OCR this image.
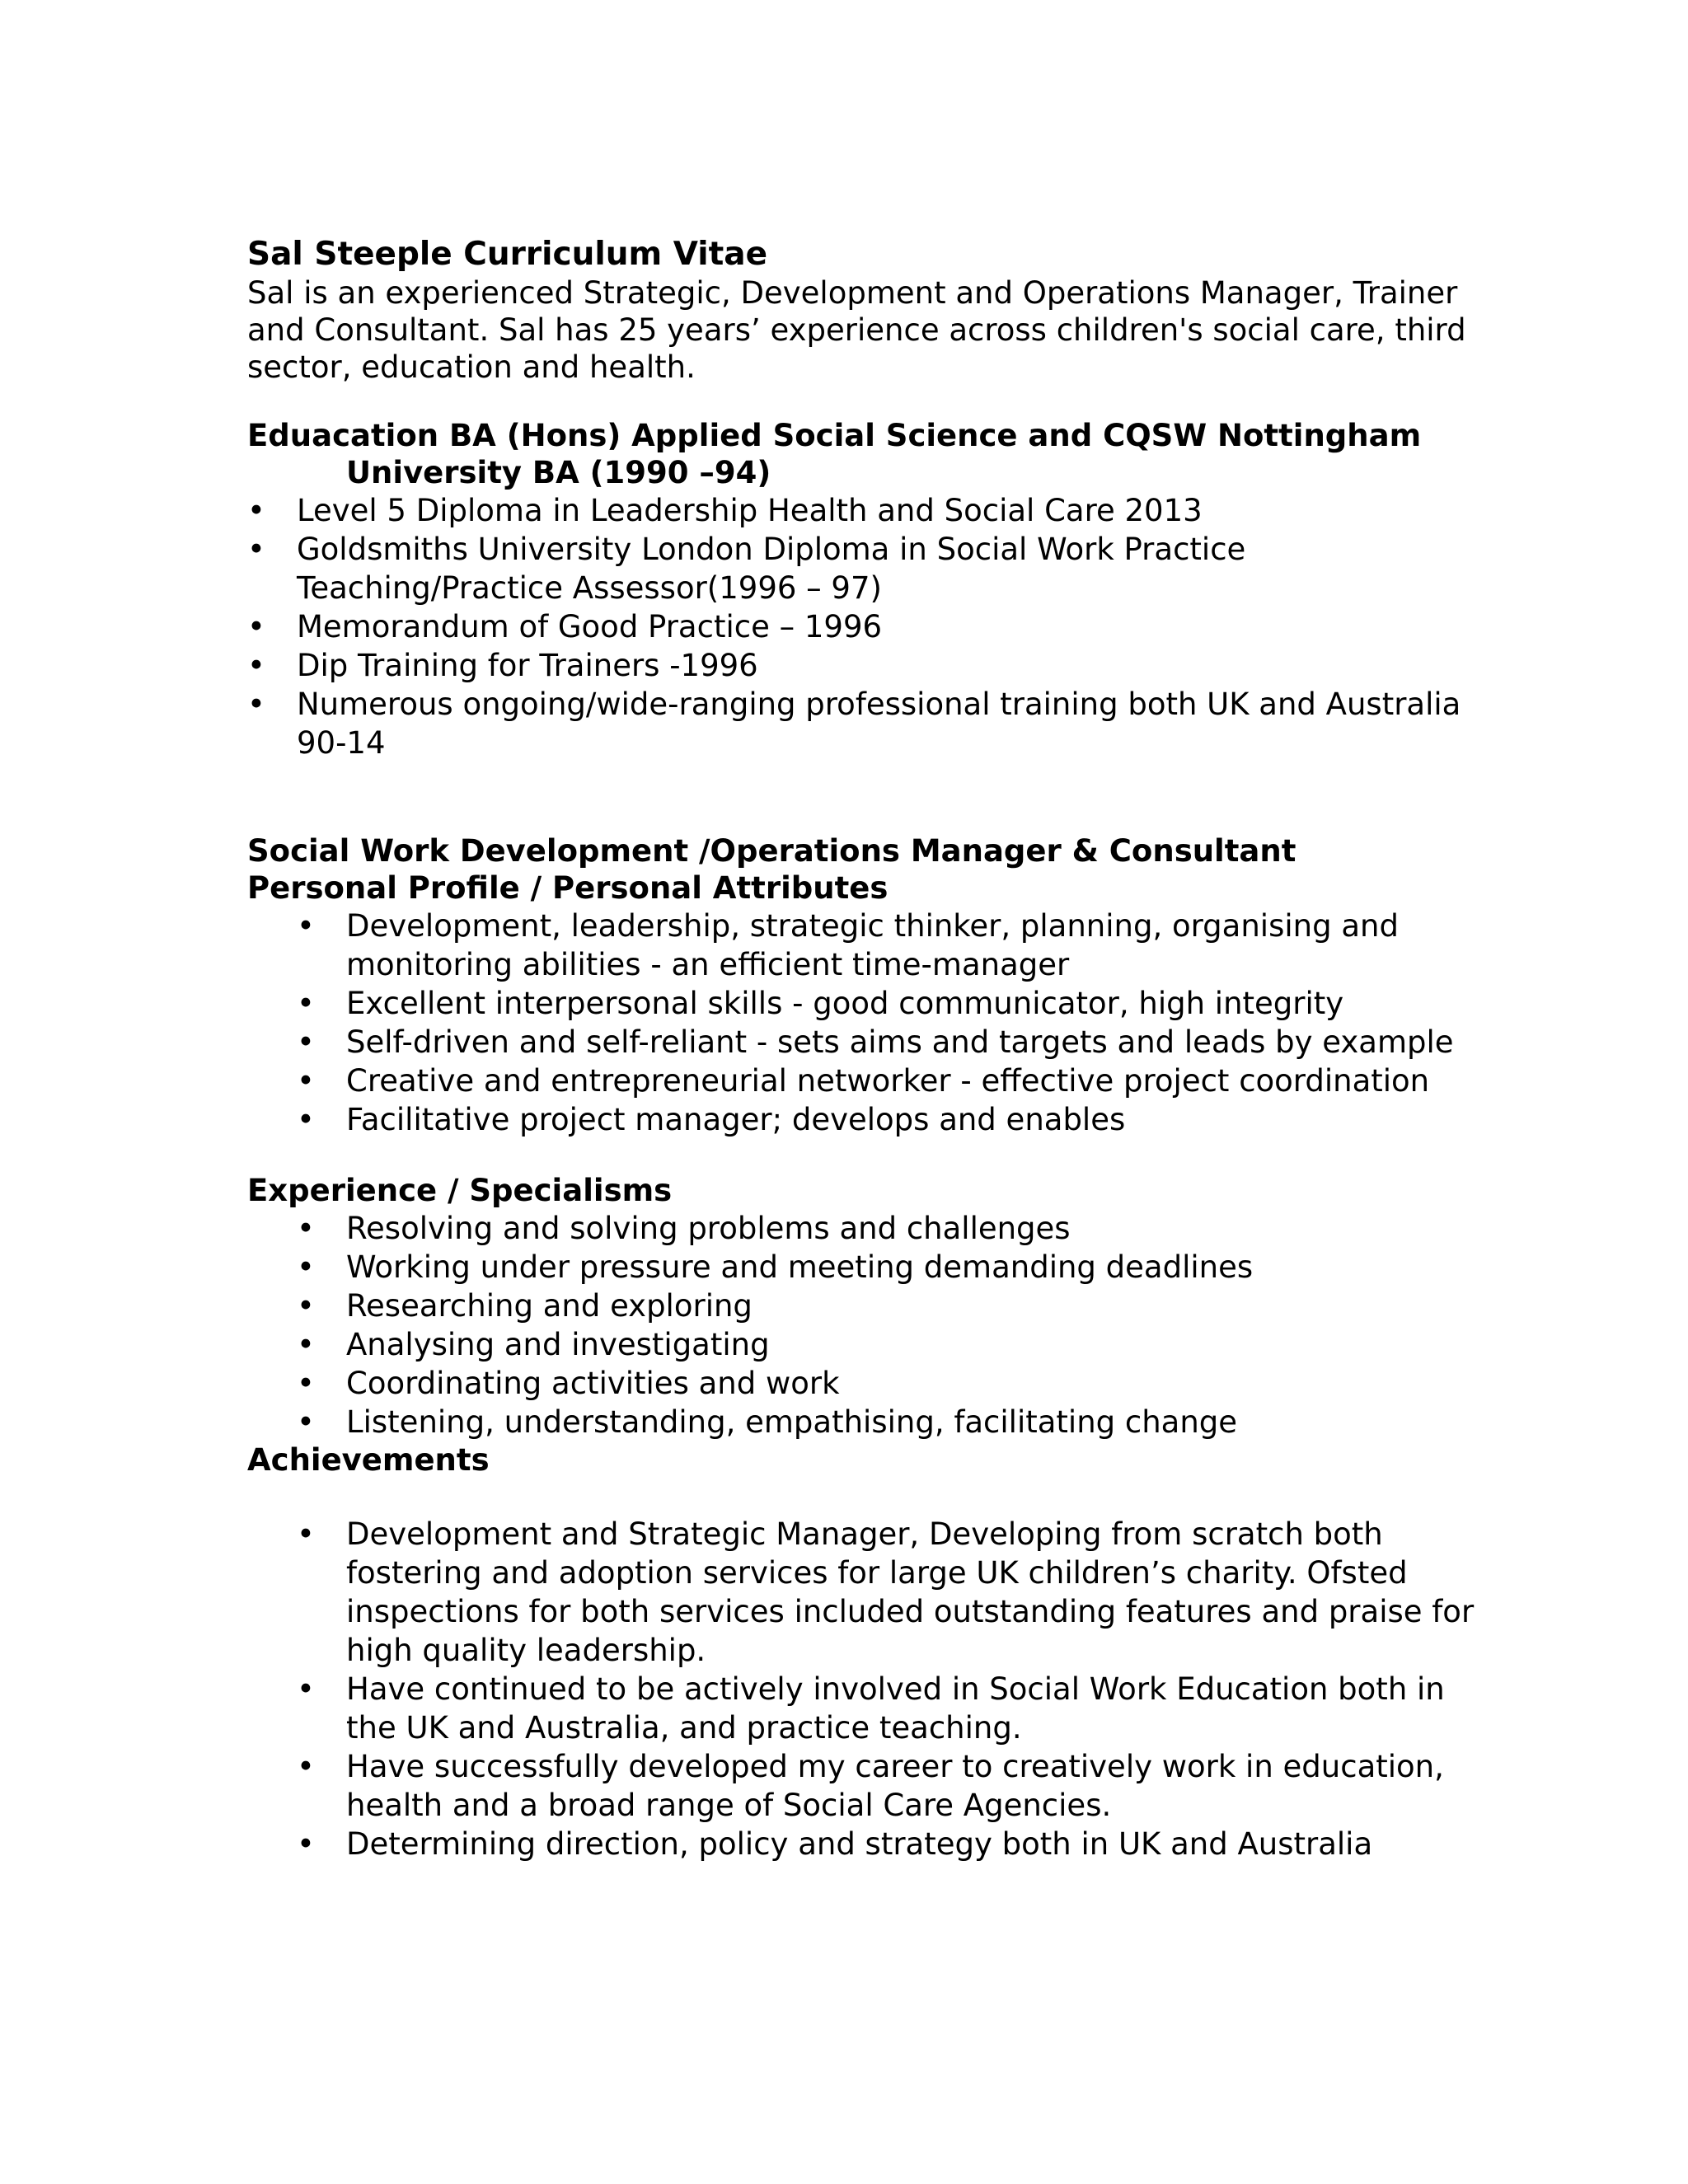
Sal Steeple Curriculum Vitae

Sal is an experienced Strategic, Development and Operations Manager, Trainer and Consultant. Sal has 25 years’ experience across children's social care, third sector, education and health.

Eduacation BA (Hons) Applied Social Science and CQSW Nottingham University BA (1990 –94)

• Level 5 Diploma in Leadership Health and Social Care 2013
• Goldsmiths University London Diploma in Social Work Practice Teaching/Practice Assessor(1996 – 97)
• Memorandum of Good Practice – 1996
• Dip Training for Trainers -1996
• Numerous ongoing/wide-ranging professional training both UK and Australia 90-14

Social Work Development /Operations Manager & Consultant

Personal Profile / Personal Attributes

• Development, leadership, strategic thinker, planning, organising and monitoring abilities - an efficient time-manager
• Excellent interpersonal skills - good communicator, high integrity
• Self-driven and self-reliant - sets aims and targets and leads by example
• Creative and entrepreneurial networker - effective project coordination
• Facilitative project manager; develops and enables

Experience / Specialisms

• Resolving and solving problems and challenges
• Working under pressure and meeting demanding deadlines
• Researching and exploring
• Analysing and investigating
• Coordinating activities and work
• Listening, understanding, empathising, facilitating change

Achievements

• Development and Strategic Manager, Developing from scratch both fostering and adoption services for large UK children’s charity. Ofsted inspections for both services included outstanding features and praise for high quality leadership.
• Have continued to be actively involved in Social Work Education both in the UK and Australia, and practice teaching.
• Have successfully developed my career to creatively work in education, health and a broad range of Social Care Agencies.
• Determining direction, policy and strategy both in UK and Australia
